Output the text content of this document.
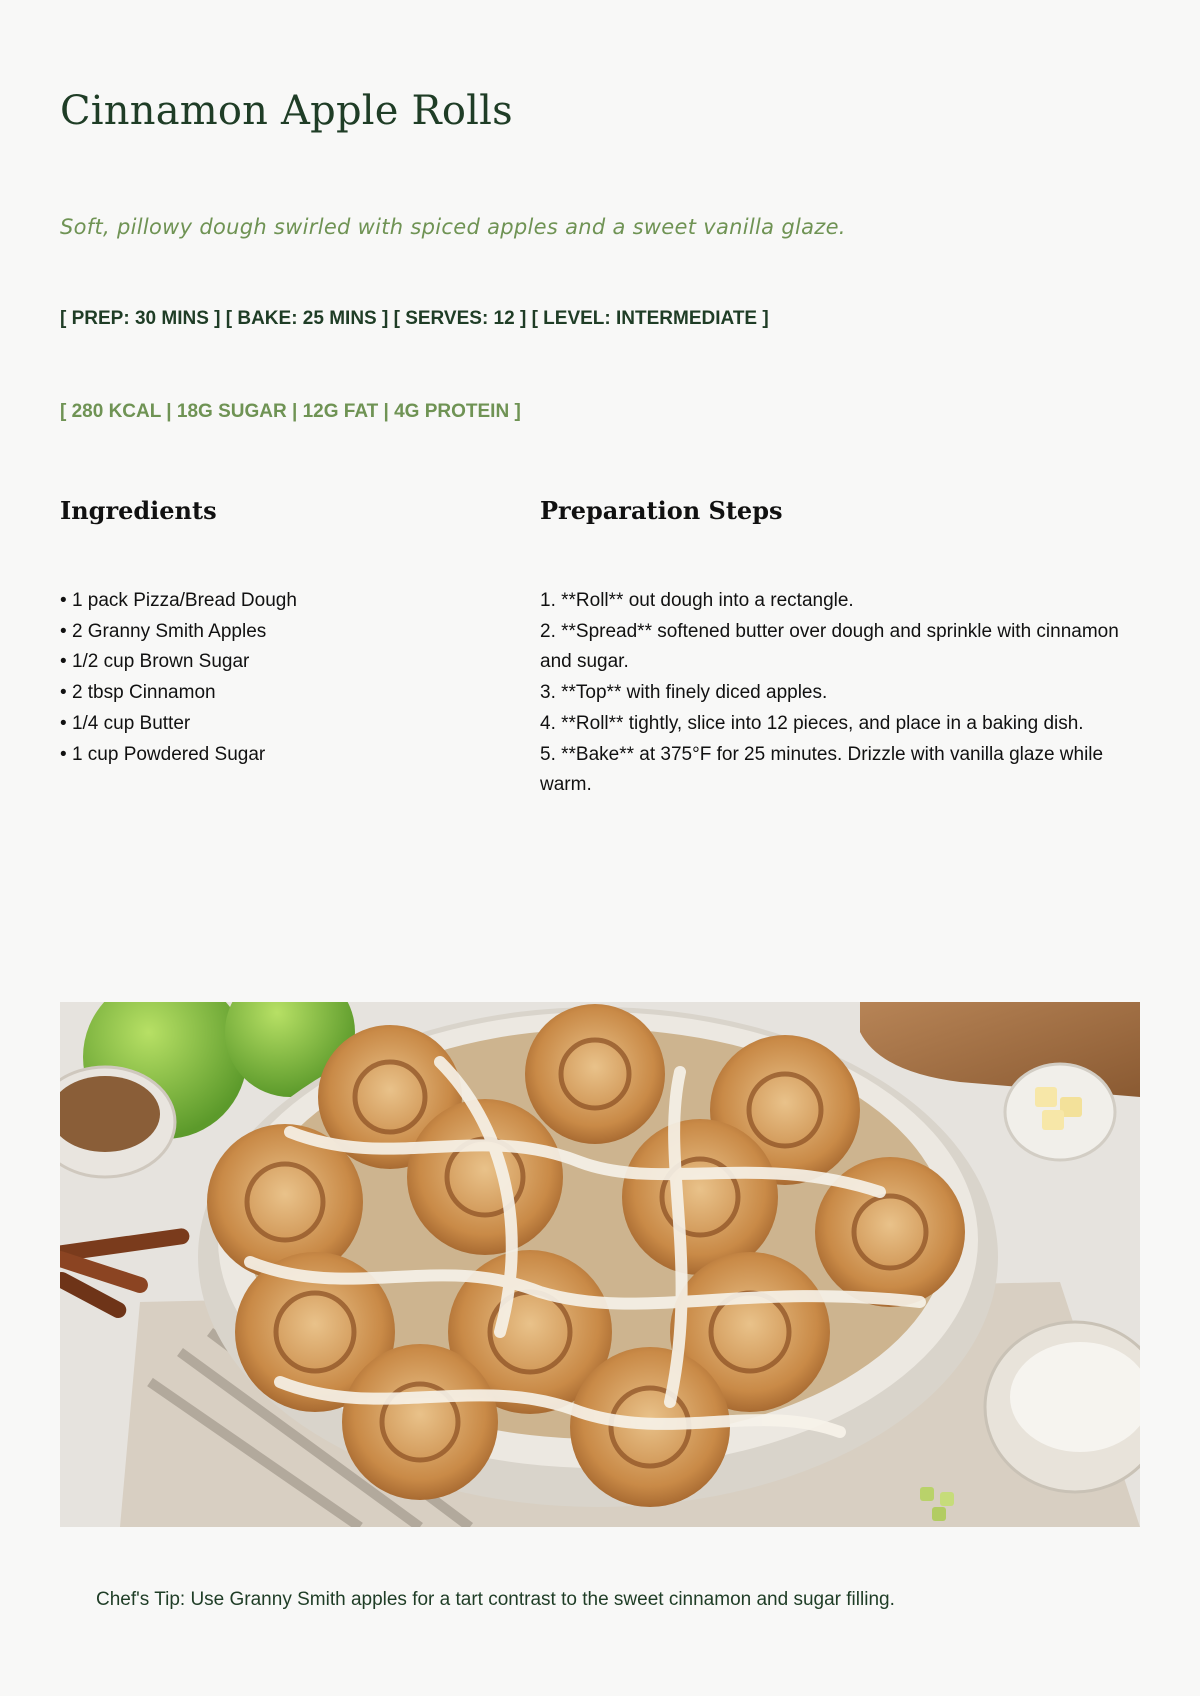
Cinnamon Apple Rolls

Soft, pillowy dough swirled with spiced apples and a sweet vanilla glaze.

[ PREP: 30 MINS ] [ BAKE: 25 MINS ] [ SERVES: 12 ] [ LEVEL: INTERMEDIATE ]

[ 280 KCAL | 18G SUGAR | 12G FAT | 4G PROTEIN ]

Ingredients	Preparation Steps
• 1 pack Pizza/Bread Dough
• 2 Granny Smith Apples
• 1/2 cup Brown Sugar
• 2 tbsp Cinnamon
• 1/4 cup Butter
• 1 cup Powdered Sugar
1. **Roll** out dough into a rectangle.
2. **Spread** softened butter over dough and sprinkle with cinnamon and sugar.
3. **Top** with finely diced apples.
4. **Roll** tightly, slice into 12 pieces, and place in a baking dish.
5. **Bake** at 375°F for 25 minutes. Drizzle with vanilla glaze while warm.

Chef's Tip: Use Granny Smith apples for a tart contrast to the sweet cinnamon and sugar filling.
